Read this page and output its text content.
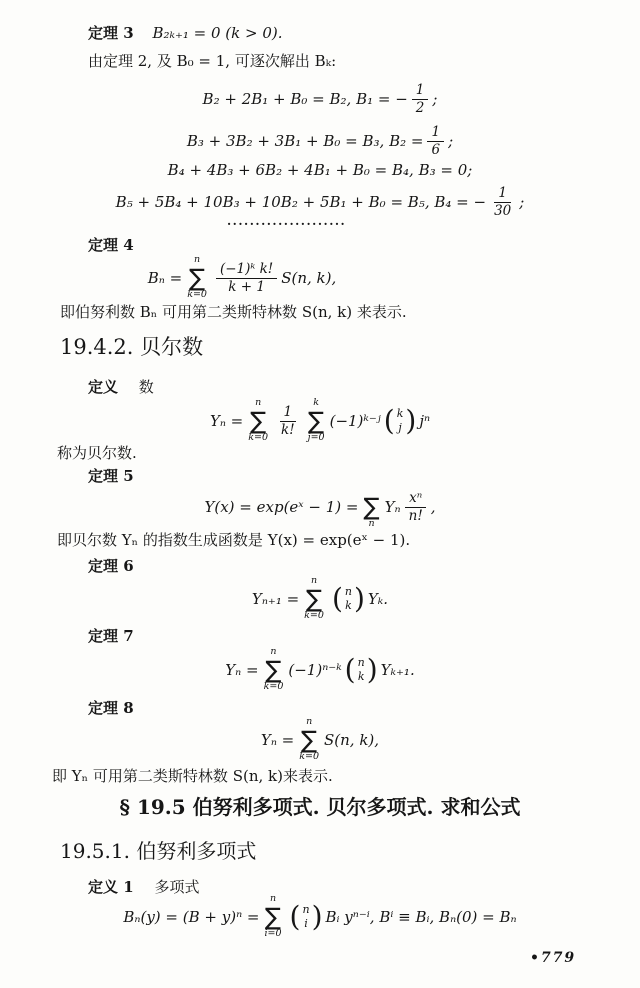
定理 3 B₂ₖ₊₁ = 0 (k > 0).
由定理 2, 及 B₀ = 1, 可逐次解出 Bₖ:
B₂ + 2B₁ + B₀ = B₂, B₁ = − $\frac{1}{2}$ ;
B₃ + 3B₂ + 3B₁ + B₀ = B₃, $B_2 = \frac{1}{6}$ ;
B₄ + 4B₃ + 6B₂ + 4B₁ + B₀ = B₄, B₃ = 0;
B₅ + 5B₄ + 10B₃ + 10B₂ + 5B₁ + B₀ = B₅, B₄ = − $\frac{1}{30}$ ;
·····················
定理 4
Bₙ =
n
∑
$k=0 \frac{\text{(−1)ᵏ k!}}{k + 1} S(n$, k),
即伯努利数 Bₙ 可用第二类斯特林数 S(n, k) 来表示.
19.4.2. 贝尔数
定义 数
Yₙ =
n
∑
$k=0 \frac{1}{k!}$
k
∑
j=0
(−1)ᵏ⁻ʲ ( k
j ) jⁿ
称为贝尔数.
定理 5
Y(x) = exp(eˣ − 1) = ∑
n
Yₙ $\frac{\text{xⁿ}}{n!}$ ,
即贝尔数 Yₙ 的指数生成函数是 Y(x) = exp(eˣ − 1).
定理 6
Yₙ₊₁ =
n
∑
k=0
( n
k ) Yₖ.
定理 7
Yₙ =
n
∑
k=0
(−1)ⁿ⁻ᵏ ( n
k ) Yₖ₊₁.
定理 8
Yₙ =
n
∑
k=0
S(n, k),
即 Yₙ 可用第二类斯特林数 S(n, k)来表示.
§ 19.5 伯努利多项式. 贝尔多项式. 求和公式
19.5.1. 伯努利多项式
定义 1 多项式
Bₙ(y) = (B + y)ⁿ =
n
∑
i=0
( n
i ) Bᵢ yⁿ⁻ⁱ, Bⁱ ≡ Bᵢ, Bₙ(0) = Bₙ
•779
